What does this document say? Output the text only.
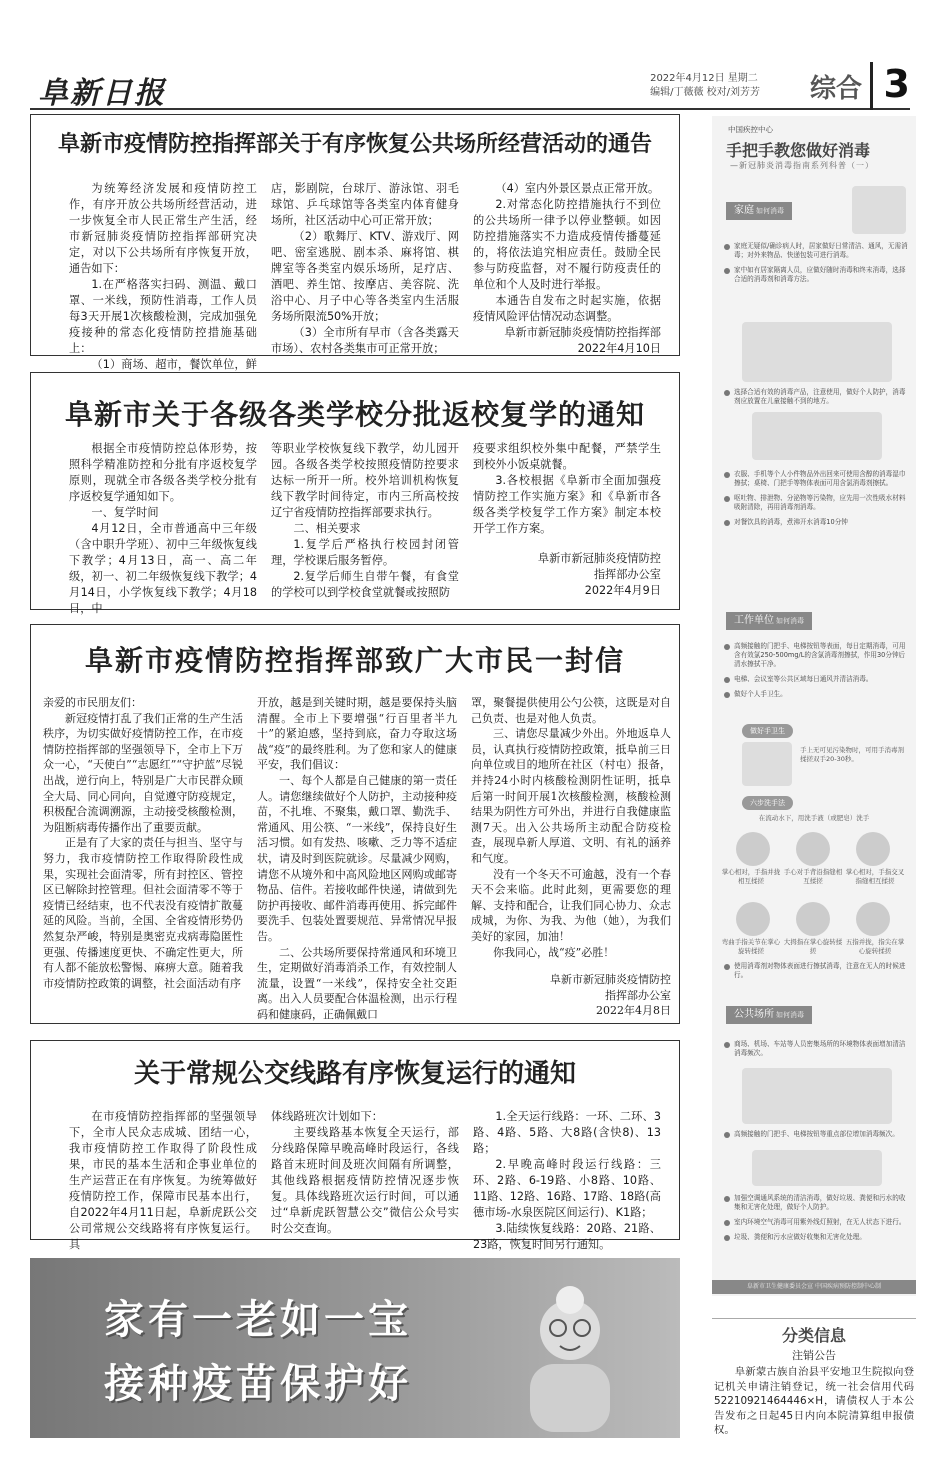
阜新日报	2022年4月12日 星期二
编辑/丁薇薇 校对/刘芳芳 综合 3
阜新市疫情防控指挥部关于有序恢复公共场所经营活动的通告

为统筹经济发展和疫情防控工作，有序开放公共场所经营活动，进一步恢复全市人民正常生产生活，经市新冠肺炎疫情防控指挥部研究决定，对以下公共场所有序恢复开放，通告如下：

1.在严格落实扫码、测温、戴口罩、一米线，预防性消毒，工作人员每3天开展1次核酸检测，完成加强免疫接种的常态化疫情防控措施基础上：

（1）商场、超市，餐饮单位，鲜

店，影剧院，台球厅、游泳馆、羽毛球馆、乒乓球馆等各类室内体育健身场所，社区活动中心可正常开放；

（2）歌舞厅、KTV、游戏厅、网吧、密室逃脱、剧本杀、麻将馆、棋牌室等各类室内娱乐场所，足疗店、酒吧、养生馆、按摩店、美容院、洗浴中心、月子中心等各类室内生活服务场所限流50%开放；

（3）全市所有早市（含各类露天市场）、农村各类集市可正常开放；

（4）室内外景区景点正常开放。

2.对常态化防控措施执行不到位的公共场所一律予以停业整顿。如因防控措施落实不力造成疫情传播蔓延的，将依法追究相应责任。鼓励全民参与防疫监督，对不履行防疫责任的单位和个人及时进行举报。

本通告自发布之时起实施，依据疫情风险评估情况动态调整。

阜新市新冠肺炎疫情防控指挥部

2022年4月10日

阜新市关于各级各类学校分批返校复学的通知

根据全市疫情防控总体形势，按照科学精准防控和分批有序返校复学原则，现就全市各级各类学校分批有序返校复学通知如下。

一、复学时间

4月12日，全市普通高中三年级（含中职升学班）、初中三年级恢复线下教学；4月13日，高一、高二年级，初一、初二年级恢复线下教学；4月14日，小学恢复线下教学；4月18日，中

等职业学校恢复线下教学，幼儿园开园。各级各类学校按照疫情防控要求达标一所开一所。校外培训机构恢复线下教学时间待定，市内三所高校按辽宁省疫情防控指挥部要求执行。

二、相关要求

1.复学后严格执行校园封闭管理，学校课后服务暂停。

2.复学后师生自带午餐，有食堂的学校可以到学校食堂就餐或按照防

疫要求组织校外集中配餐，严禁学生到校外小饭桌就餐。

3.各校根据《阜新市全面加强疫情防控工作实施方案》和《阜新市各级各类学校复学工作方案》制定本校开学工作方案。

阜新市新冠肺炎疫情防控

指挥部办公室

2022年4月9日

阜新市疫情防控指挥部致广大市民一封信

亲爱的市民朋友们：

新冠疫情打乱了我们正常的生产生活秩序，为切实做好疫情防控工作，在市疫情防控指挥部的坚强领导下，全市上下万众一心，“天使白”“志愿红”“守护蓝”尽锐出战，逆行向上，特别是广大市民群众顾全大局、同心同向，自觉遵守防疫规定，积极配合流调溯源，主动接受核酸检测，为阻断病毒传播作出了重要贡献。

正是有了大家的责任与担当、坚守与努力，我市疫情防控工作取得阶段性成果，实现社会面清零，所有封控区、管控区已解除封控管理。但社会面清零不等于疫情已经结束，也不代表没有疫情扩散蔓延的风险。当前，全国、全省疫情形势仍然复杂严峻，特别是奥密克戎病毒隐匿性更强、传播速度更快、不确定性更大，所有人都不能放松警惕、麻痹大意。随着我市疫情防控政策的调整，社会面活动有序

开放，越是到关键时期，越是要保持头脑清醒。全市上下要增强“行百里者半九十”的紧迫感，坚持到底，奋力夺取这场战“疫”的最终胜利。为了您和家人的健康平安，我们倡议：

一、每个人都是自己健康的第一责任人。请您继续做好个人防护，主动接种疫苗，不扎堆、不聚集，戴口罩、勤洗手、常通风、用公筷、“一米线”，保持良好生活习惯。如有发热、咳嗽、乏力等不适症状，请及时到医院就诊。尽量减少网购，请您不从境外和中高风险地区网购或邮寄物品、信件。若接收邮件快递，请做到先防护再接收、邮件消毒再使用、拆完邮件要洗手、包装处置要规范、异常情况早报告。

二、公共场所要保持常通风和环境卫生，定期做好消毒消杀工作，有效控制人流量，设置“一米线”，保持安全社交距离。出入人员要配合体温检测，出示行程码和健康码，正确佩戴口

罩，聚餐提供使用公勺公筷，这既是对自己负责、也是对他人负责。

三、请您尽量减少外出。外地返阜人员，认真执行疫情防控政策，抵阜前三日向单位或目的地所在社区（村屯）报备，并持24小时内核酸检测阴性证明，抵阜后第一时间开展1次核酸检测，核酸检测结果为阴性方可外出，并进行自我健康监测7天。出入公共场所主动配合防疫检查，展现阜新人厚道、文明、有礼的涵养和气度。

没有一个冬天不可逾越，没有一个春天不会来临。此时此刻，更需要您的理解、支持和配合，让我们同心协力、众志成城，为你、为我、为他（她），为我们美好的家园，加油！

你我同心，战“疫”必胜！

阜新市新冠肺炎疫情防控

指挥部办公室

2022年4月8日

关于常规公交线路有序恢复运行的通知

在市疫情防控指挥部的坚强领导下，全市人民众志成城、团结一心，我市疫情防控工作取得了阶段性成果，市民的基本生活和企事业单位的生产运营正在有序恢复。为统筹做好疫情防控工作，保障市民基本出行，自2022年4月11日起，阜新虎跃公交公司常规公交线路将有序恢复运行。具

体线路班次计划如下：

主要线路基本恢复全天运行，部分线路保障早晚高峰时段运行，各线路首末班时间及班次间隔有所调整，其他线路根据疫情防控情况逐步恢复。具体线路班次运行时间，可以通过“阜新虎跃智慧公交”微信公众号实时公交查询。

1.全天运行线路：一环、二环、3路、4路、5路、大8路(含快8)、13路；

2.早晚高峰时段运行线路：三环、2路、6-19路、小8路、10路、11路、12路、16路、17路、18路(高德市场-水泉医院区间运行)、K1路；

3.陆续恢复线路：20路、21路、23路，恢复时间另行通知。

家有一老如一宝
接种疫苗保护好
中国疾控中心
手把手教您做好消毒
—新冠肺炎消毒指南系列科普（一）
家庭 如何消毒
家庭无疑似/确诊病人时，居家做好日常清洁、通风，无需消毒；对外来物品、快递包装可进行消毒。
家中如有居家隔离人员，应做好随时消毒和终末消毒，选择合适的消毒剂和消毒方法。
选择合适有效的消毒产品，注意使用，做好个人防护，消毒剂应放置在儿童接触不到的地方。
衣服、手机等个人小件物品外出回来可使用含醇的消毒湿巾擦拭；桌椅、门把手等物体表面可用含氯消毒剂擦拭。
呕吐物、排泄物、分泌物等污染物，应先用一次性吸水材料吸附清除，再用消毒剂消毒。
对餐饮具的消毒，煮沸开水消毒10分钟
工作单位 如何消毒
高频接触的门把手、电梯按钮等表面，每日定期消毒，可用含有效氯250-500mg/L的含氯消毒剂擦拭，作用30分钟后清水擦拭干净。
电梯、会议室等公共区域每日通风并清洁消毒。
做好个人手卫生。
做好手卫生
手上无可见污染物时，可用手消毒剂揉搓双手20-30秒。
六步洗手法
在流动水下，用洗手液（或肥皂）洗手
掌心相对，手指并拢相互揉搓
手心对手背沿指缝相互揉搓
掌心相对，手指交叉指缝相互揉搓
弯曲手指关节在掌心旋转揉搓
大拇指在掌心旋转揉搓
五指并拢，指尖在掌心旋转揉搓
使用消毒剂对物体表面进行擦拭消毒，注意在无人的时候进行。
公共场所 如何消毒
商场、机场、车站等人员密集场所的环境物体表面增加清洁消毒频次。
高频接触的门把手、电梯按钮等重点部位增加消毒频次。
加强空调通风系统的清洁消毒，做好垃圾、粪便和污水的收集和无害化处理，做好个人防护。
室内环境空气消毒可用紫外线灯照射，在无人状态下进行。
垃圾、粪便和污水应做好收集和无害化处理。
阜新市卫生健康委员会宣 中国疾病预防控制中心制
分类信息
注销公告
阜新蒙古族自治县平安地卫生院拟向登记机关申请注销登记，统一社会信用代码52210921464446×H，请债权人于本公告发布之日起45日内向本院清算组申报债权。
